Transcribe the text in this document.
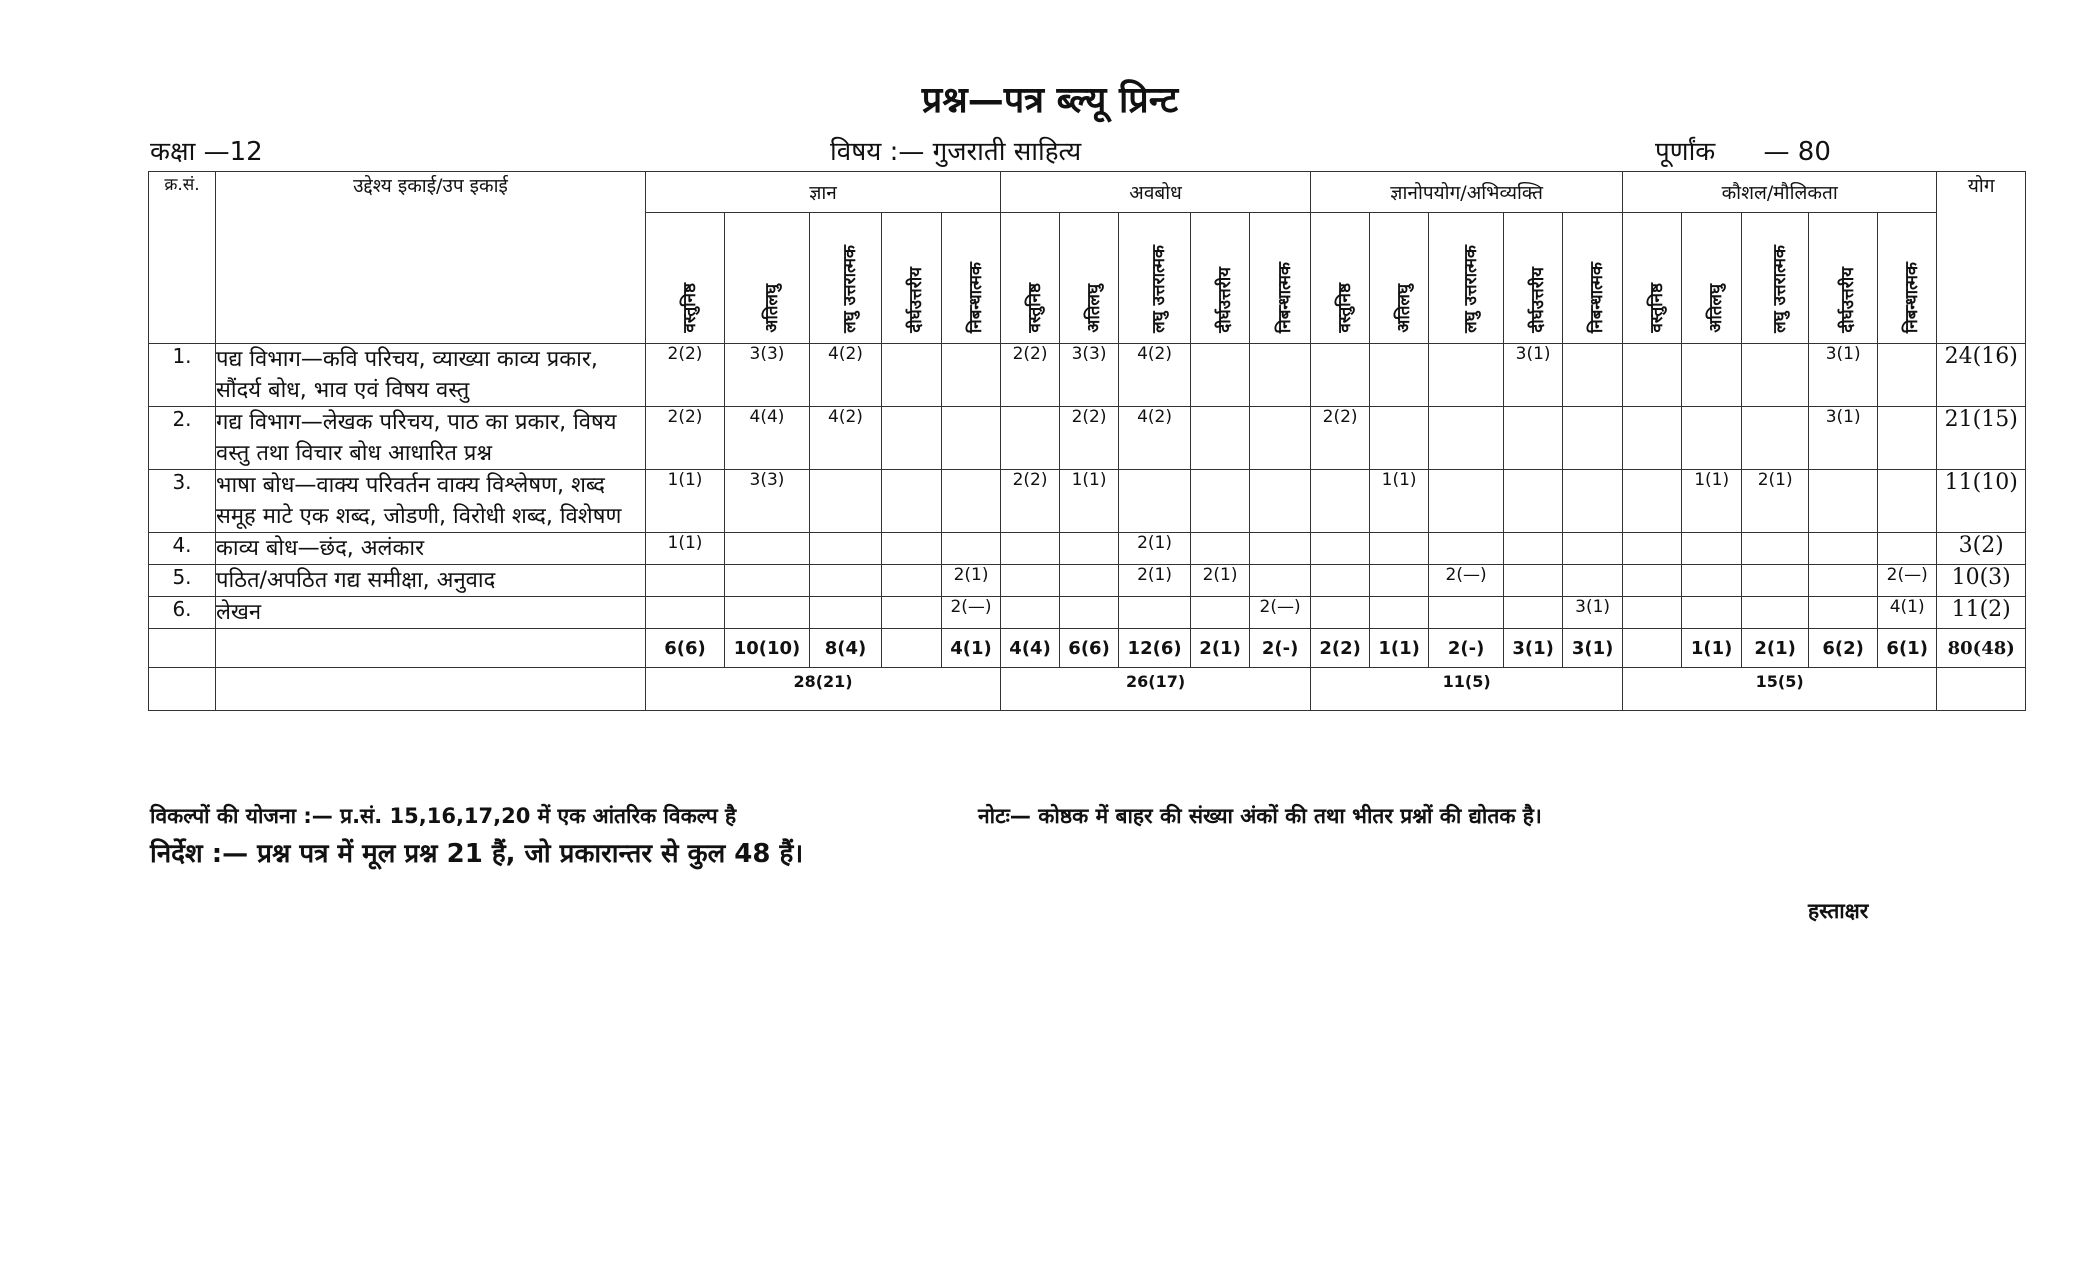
प्रश्न—पत्र ब्ल्यू प्रिन्ट
कक्षा —12	विषय :— गुजराती साहित्य	पूर्णांक — 80
क्र.सं.	उद्देश्य इकाई/उप इकाई	ज्ञान					अवबोध					ज्ञानोपयोग/अभिव्यक्ति					कौशल/मौलिकता					योग
		वस्तुनिष्ठ	अतिलघु	लघु उत्तरात्मक	दीर्घउत्तरीय	निबन्धात्मक	वस्तुनिष्ठ	अतिलघु	लघु उत्तरात्मक	दीर्घउत्तरीय	निबन्धात्मक	वस्तुनिष्ठ	अतिलघु	लघु उत्तरात्मक	दीर्घउत्तरीय	निबन्धात्मक	वस्तुनिष्ठ	अतिलघु	लघु उत्तरात्मक	दीर्घउत्तरीय	निबन्धात्मक	
1.	पद्य विभाग—कवि परिचय, व्याख्या काव्य प्रकार, सौंदर्य बोध, भाव एवं विषय वस्तु	2(2)	3(3)	4(2)			2(2)	3(3)	4(2)						3(1)					3(1)		24(16)
2.	गद्य विभाग—लेखक परिचय, पाठ का प्रकार, विषय वस्तु तथा विचार बोध आधारित प्रश्न	2(2)	4(4)	4(2)				2(2)	4(2)			2(2)								3(1)		21(15)
3.	भाषा बोध—वाक्य परिवर्तन वाक्य विश्लेषण, शब्द समूह माटे एक शब्द, जोडणी, विरोधी शब्द, विशेषण	1(1)	3(3)				2(2)	1(1)					1(1)					1(1)	2(1)			11(10)
4.	काव्य बोध—छंद, अलंकार	1(1)							2(1)													3(2)
5.	पठित/अपठित गद्य समीक्षा, अनुवाद					2(1)			2(1)	2(1)				2(—)							2(—)	10(3)
6.	लेखन					2(—)					2(—)					3(1)					4(1)	11(2)
		6(6)	10(10)	8(4)		4(1)	4(4)	6(6)	12(6)	2(1)	2(-)	2(2)	1(1)	2(-)	3(1)	3(1)		1(1)	2(1)	6(2)	6(1)	80(48)
		28(21)					26(17)					11(5)					15(5)					
विकल्पों की योजना :— प्र.सं. 15,16,17,20 में एक आंतरिक विकल्प है	नोटः— कोष्ठक में बाहर की संख्या अंकों की तथा भीतर प्रश्नों की द्योतक है।
निर्देश :— प्रश्न पत्र में मूल प्रश्न 21 हैं, जो प्रकारान्तर से कुल 48 हैं।
हस्ताक्षर
